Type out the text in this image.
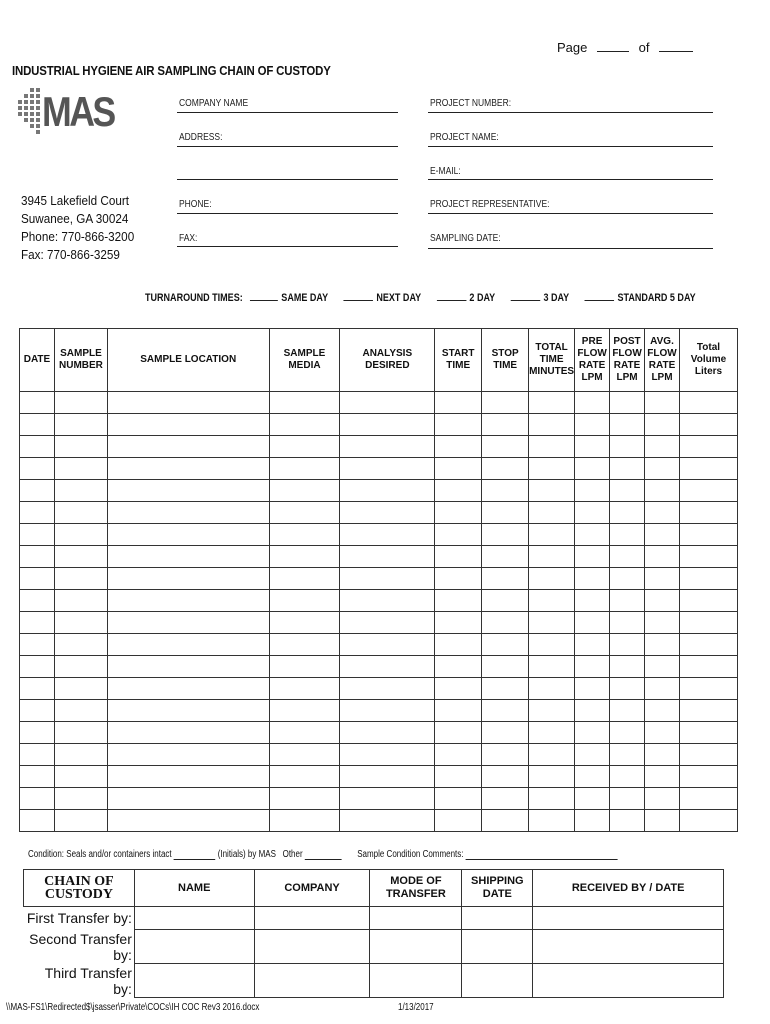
Page	of
INDUSTRIAL HYGIENE AIR SAMPLING CHAIN OF CUSTODY
MAS
3945 Lakefield Court
Suwanee, GA 30024
Phone: 770-866-3200
Fax: 770-866-3259
COMPANY NAME
ADDRESS:
PHONE:
FAX:
PROJECT NUMBER:
PROJECT NAME:
E-MAIL:
PROJECT REPRESENTATIVE:
SAMPLING DATE:
TURNAROUND TIMES:	SAME DAY	NEXT DAY	2 DAY	3 DAY	STANDARD 5 DAY
DATE	SAMPLE NUMBER	SAMPLE LOCATION	SAMPLE MEDIA	ANALYSIS DESIRED	START TIME	STOP TIME	TOTAL TIME MINUTES	PRE FLOW RATE LPM	POST FLOW RATE LPM	AVG. FLOW RATE LPM	Total Volume Liters

Condition: Seals and/or containers intact	(Initials) by MAS Other	Sample Condition Comments:
CHAIN OF CUSTODY	NAME	COMPANY	MODE OF TRANSFER	SHIPPING DATE	RECEIVED BY / DATE
First Transfer by:					
Second Transfer by:					
Third Transfer by:					
\\MAS-FS1\Redirected$\jsasser\Private\COCs\IH COC Rev3 2016.docx	1/13/2017
